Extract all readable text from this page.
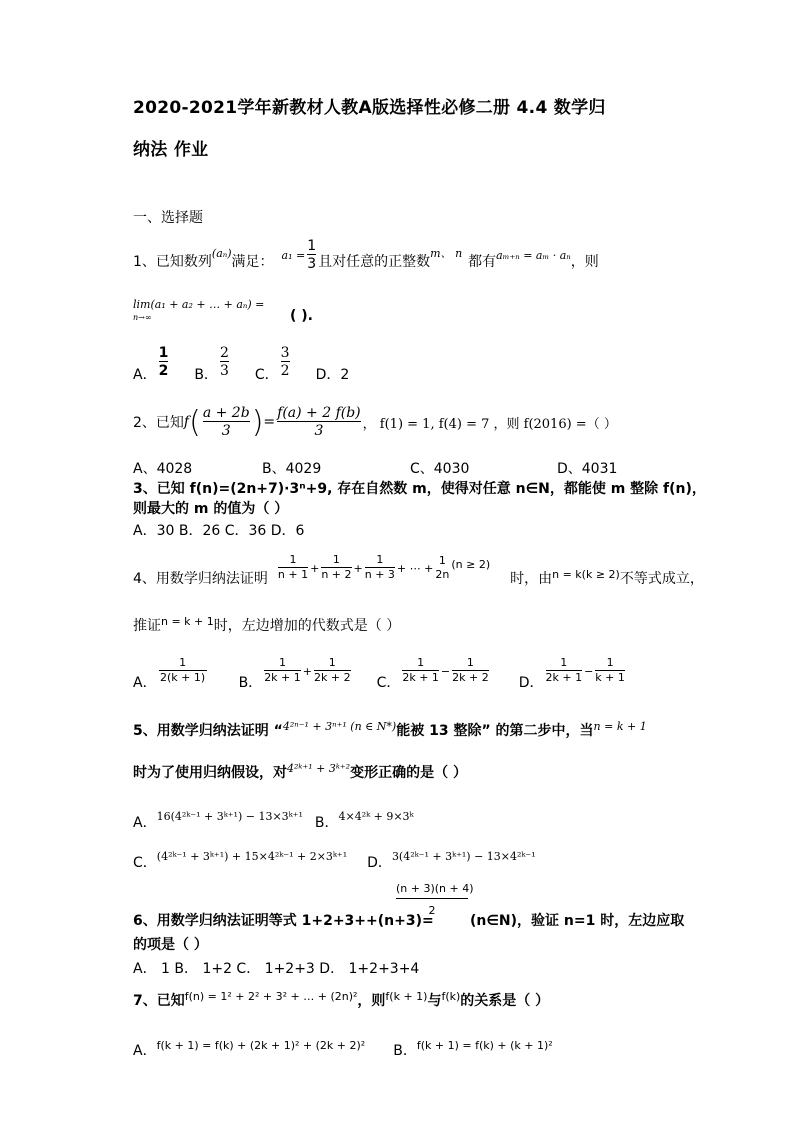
2020-2021学年新教材人教A版选择性必修二册 4.4 数学归
纳法 作业
一、选择题
1、已知数列
(aₙ)
满足： $a_1 = \frac{1}{3}$ 且对任意的正整数
m、 n
都有 aₘ₊ₙ = aₘ · aₙ ，则
lim(a₁ + a₂ + … + aₙ) =
n→∞	( ).
A． $\frac{1}{2}$ B． $\frac{2}{3}$ C． $\frac{3}{2}$ D．2
2、已知 f ( $\frac{a + 2b}{3}$ ) = $\frac{f(a) + 2 f(b)}{3}$ ， f(1) = 1, f(4) = 7 ，则 f(2016) =（ ）
A、4028	B、4029	C、4030	D、4031
3、已知 f(n)=(2n+7)·3ⁿ+9, 存在自然数 m，使得对任意 n∈N，都能使 m 整除 f(n)，
则最大的 m 的值为（ ）
A．30 B．26 C．36 D．6
4、用数学归纳法证明 $\frac{1}{n + 1} + \frac{1}{n + 2} + \frac{1}{n + 3}$ + ⋯ +
1
2n
(n ≥ 2)
时，由 n = k(k ≥ 2) 不等式成立，
推证 n = k + 1 时，左边增加的代数式是（ ）
A． $\frac{1}{2(k + 1)}$ B． $\frac{1}{2k + 1} + \frac{1}{2k + 2}$ C． $\frac{1}{2k + 1} - \frac{1}{2k + 2}$ D． $\frac{1}{2k + 1} - \frac{1}{k + 1}$
5、用数学归纳法证明 “ 4²ⁿ⁻¹ + 3ⁿ⁺¹ (n ∈ N*) 能被 13 整除” 的第二步中，当 n = k + 1
时为了使用归纳假设，对 4²ᵏ⁺¹ + 3ᵏ⁺² 变形正确的是（ ）
A． 16(4²ᵏ⁻¹ + 3ᵏ⁺¹) − 13×3ᵏ⁺¹ B． 4×4²ᵏ + 9×3ᵏ
C． (4²ᵏ⁻¹ + 3ᵏ⁺¹) + 15×4²ᵏ⁻¹ + 2×3ᵏ⁺¹ D． 3(4²ᵏ⁻¹ + 3ᵏ⁺¹) − 13×4²ᵏ⁻¹
(n + 3)(n + 4)
2
6、用数学归纳法证明等式 1+2+3++(n+3)=	(n∈N)，验证 n=1 时，左边应取
的项是（ ）
A． 1 B． 1+2 C． 1+2+3 D． 1+2+3+4
7、已知 f(n) = 1² + 2² + 3² + … + (2n)² ，则 f(k + 1) 与 f(k) 的关系是（ ）
A． f(k + 1) = f(k) + (2k + 1)² + (2k + 2)² B． f(k + 1) = f(k) + (k + 1)²
